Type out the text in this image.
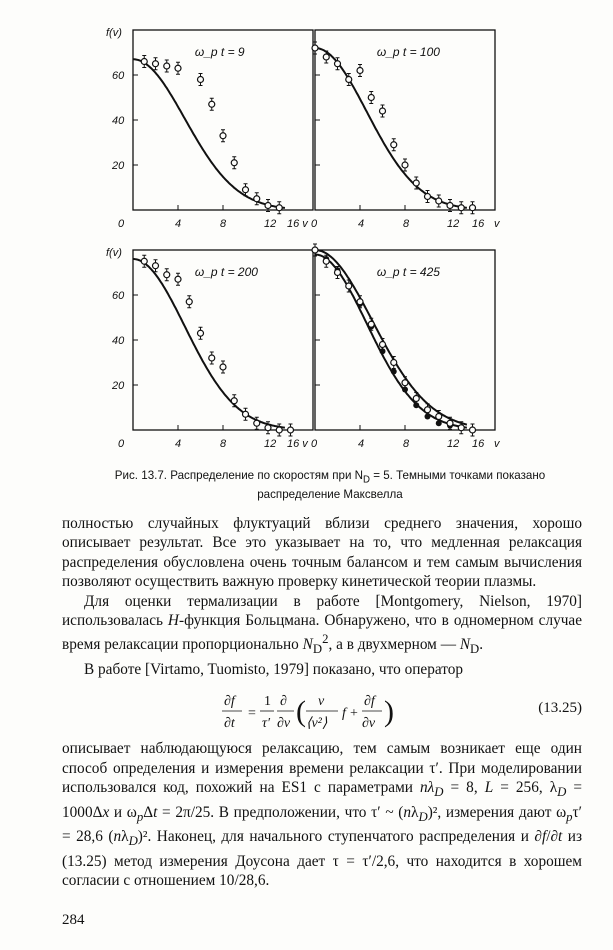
ω_p t = 9	ω_p t = 100
ω_p t = 200	ω_p t = 425
f(v)
60
40
20
0	4	8	12 16 v 0	4	8	12 16 v
f(v)
60
40
20
0	4	8	12 16 v 0	4	8	12 16 v
Рис. 13.7. Распределение по скоростям при $N_D = 5$. Темными точками показано
распределение Максвелла

полностью случайных флуктуаций вблизи среднего значения, хорошо описывает результат. Все это указывает на то, что медленная релаксация распределения обусловлена очень точным балансом и тем самым вычисления позволяют осуществить важную проверку кинетической теории плазмы.

Для оценки термализации в работе [Montgomery, Nielson, 1970] использовалась H-функция Больцмана. Обнаружено, что в одномерном случае время релаксации пропорционально $N_D^2$, а в двухмерном — $N_D$.

В работе [Virtamo, Tuomisto, 1979] показано, что оператор

∂f
∂t
=
1
τ′
∂
∂v ( v
⟨v²⟩
f +
∂f
∂v )	(13.25)

описывает наблюдающуюся релаксацию, тем самым возникает еще один способ определения и измерения времени релаксации τ′. При моделировании использовался код, похожий на ES1 с параметрами $n\lambda_D = 8$, L = 256, $\lambda_D = 1000\Delta x$ и $\omega_p\Delta t = 2\pi/25$. В предположении, что τ′ ~ $(n\lambda_D)^2$, измерения дают $\omega_p\tau' = 28,6$ $(n\lambda_D)^2$. Наконец, для начального ступенчатого распределения и ∂f/∂t из (13.25) метод измерения Доусона дает τ = τ′/2,6, что находится в хорошем согласии с отношением 10/28,6.

284
